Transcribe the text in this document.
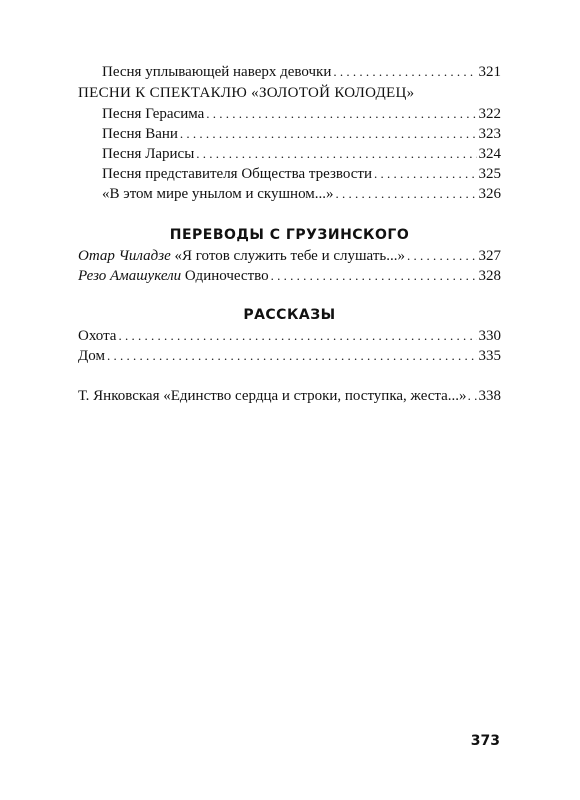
Песня уплывающей наверх девочки . . .	321
ПЕСНИ К СПЕКТАКЛЮ «ЗОЛОТОЙ КОЛОДЕЦ»
Песня Герасима . . .	322
Песня Вани . . .	323
Песня Ларисы . . .	324
Песня представителя Общества трезвости . . .	325
«В этом мире унылом и скушном...» . . .	326
ПЕРЕВОДЫ С ГРУЗИНСКОГО
Отар Чиладзе «Я готов служить тебе и слушать...» . . .	327
Резо Амашукели Одиночество . . .	328
РАССКАЗЫ
Охота . . .	330
Дом . . .	335
Т. Янковская «Единство сердца и строки, поступка, жеста...» . . . 338
373
